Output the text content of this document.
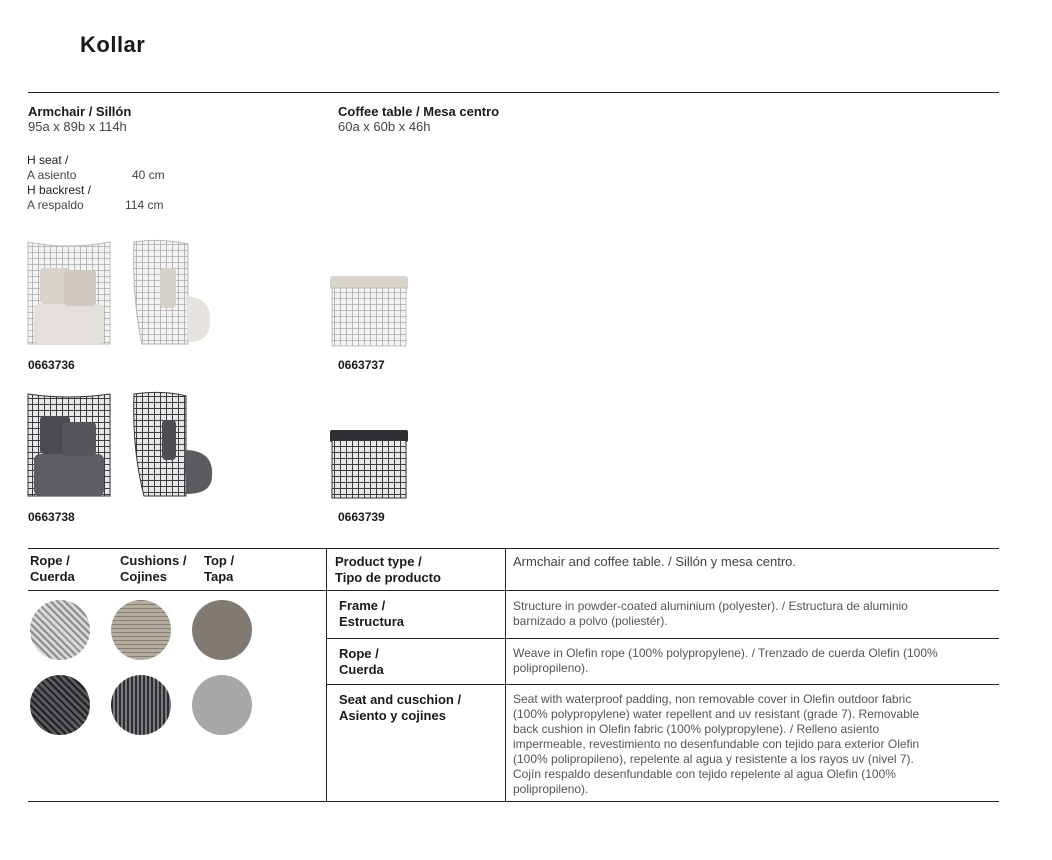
Kollar
Armchair / Sillón
95a x 89b x 114h
Coffee table / Mesa centro
60a x 60b x 46h
H seat /
A asiento	40 cm
H backrest /
A respaldo	114 cm
0663736	0663737
0663738	0663739
Rope /
Cuerda
Cushions /
Cojines
Top /
Tapa
Product type /
Tipo de producto
Armchair and coffee table. / Sillón y mesa centro.
Frame /
Estructura
Structure in powder-coated aluminium (polyester). / Estructura de aluminio
barnizado a polvo (poliestér).
Rope /
Cuerda
Weave in Olefin rope (100% polypropylene). / Trenzado de cuerda Olefin (100%
polipropileno).
Seat and cuschion /
Asiento y cojines
Seat with waterproof padding, non removable cover in Olefin outdoor fabric
(100% polypropylene) water repellent and uv resistant (grade 7). Removable
back cushion in Olefin fabric (100% polypropylene). / Relleno asiento
impermeable, revestimiento no desenfundable con tejido para exterior Olefin
(100% polipropileno), repelente al agua y resistente a los rayos uv (nivel 7).
Cojín respaldo desenfundable con tejido repelente al agua Olefin (100%
polipropileno).
